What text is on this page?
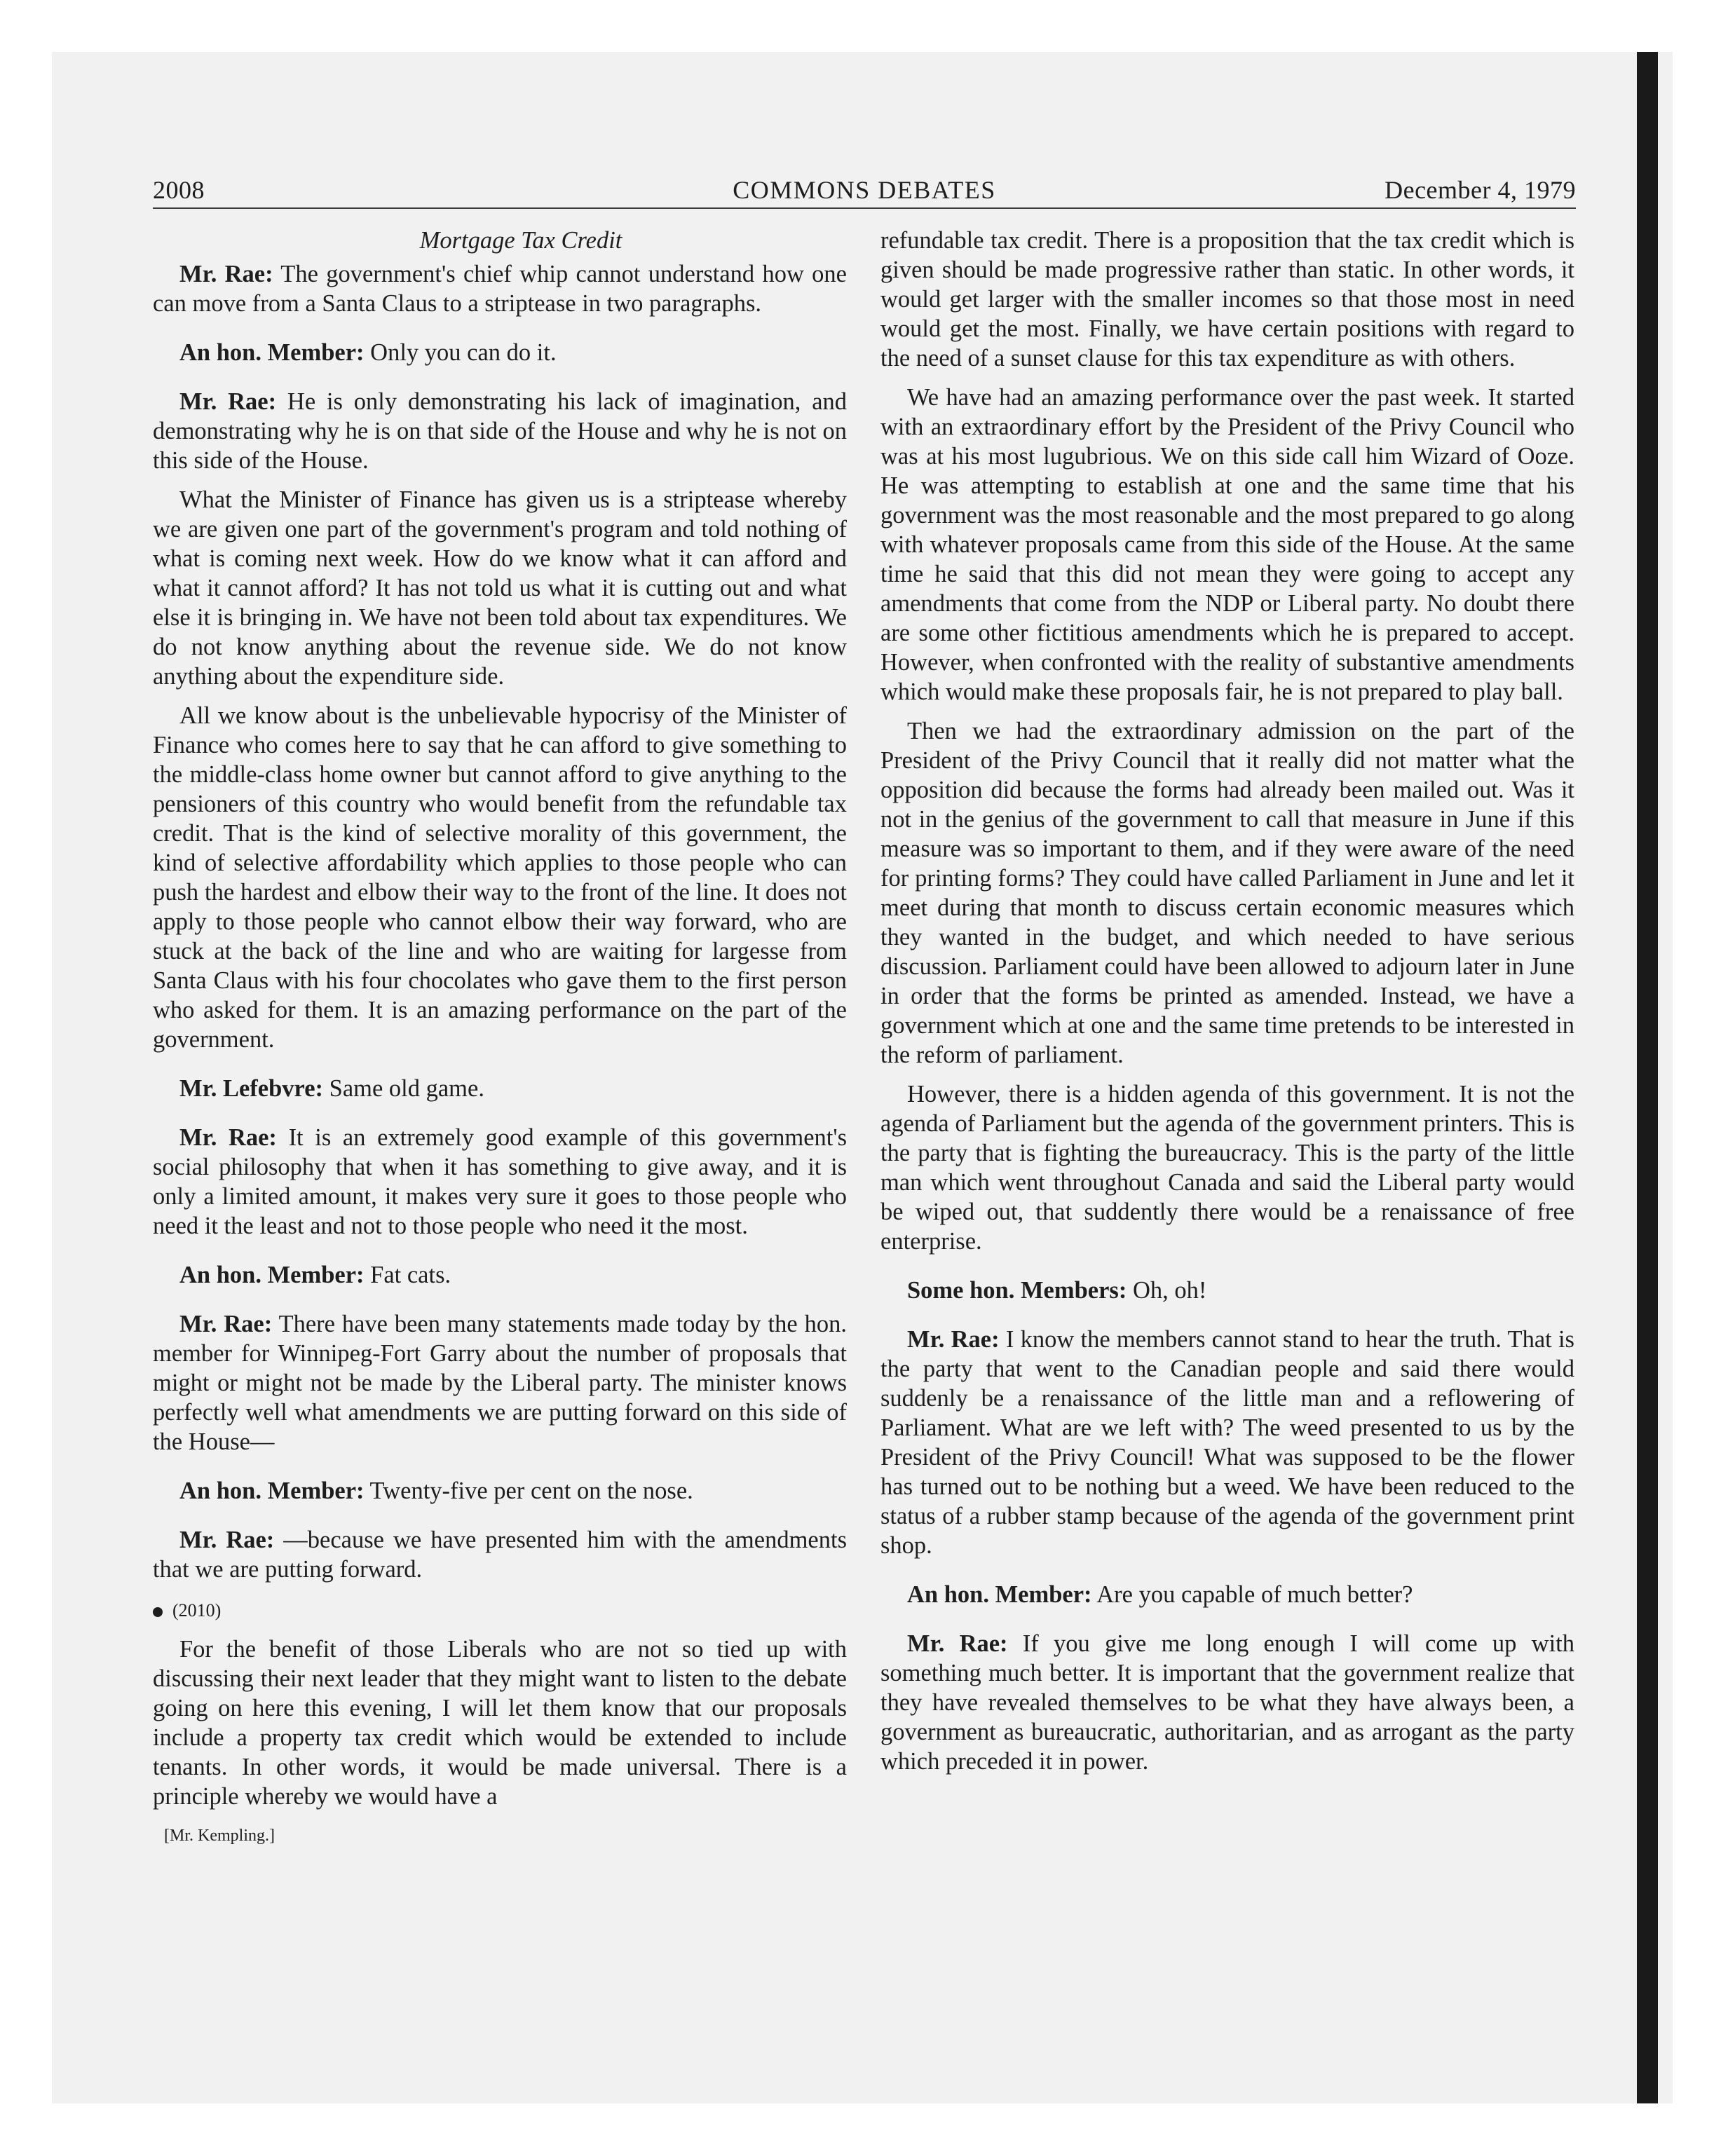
2008	COMMONS DEBATES	December 4, 1979
Mortgage Tax Credit

Mr. Rae: The government's chief whip cannot understand how one can move from a Santa Claus to a striptease in two paragraphs.

An hon. Member: Only you can do it.

Mr. Rae: He is only demonstrating his lack of imagination, and demonstrating why he is on that side of the House and why he is not on this side of the House.

What the Minister of Finance has given us is a striptease whereby we are given one part of the government's program and told nothing of what is coming next week. How do we know what it can afford and what it cannot afford? It has not told us what it is cutting out and what else it is bringing in. We have not been told about tax expenditures. We do not know anything about the revenue side. We do not know anything about the expenditure side.

All we know about is the unbelievable hypocrisy of the Minister of Finance who comes here to say that he can afford to give something to the middle-class home owner but cannot afford to give anything to the pensioners of this country who would benefit from the refundable tax credit. That is the kind of selective morality of this government, the kind of selective affordability which applies to those people who can push the hardest and elbow their way to the front of the line. It does not apply to those people who cannot elbow their way forward, who are stuck at the back of the line and who are waiting for largesse from Santa Claus with his four chocolates who gave them to the first person who asked for them. It is an amazing performance on the part of the government.

Mr. Lefebvre: Same old game.

Mr. Rae: It is an extremely good example of this government's social philosophy that when it has something to give away, and it is only a limited amount, it makes very sure it goes to those people who need it the least and not to those people who need it the most.

An hon. Member: Fat cats.

Mr. Rae: There have been many statements made today by the hon. member for Winnipeg-Fort Garry about the number of proposals that might or might not be made by the Liberal party. The minister knows perfectly well what amendments we are putting forward on this side of the House—

An hon. Member: Twenty-five per cent on the nose.

Mr. Rae: —because we have presented him with the amendments that we are putting forward.

(2010)

For the benefit of those Liberals who are not so tied up with discussing their next leader that they might want to listen to the debate going on here this evening, I will let them know that our proposals include a property tax credit which would be extended to include tenants. In other words, it would be made universal. There is a principle whereby we would have a

[Mr. Kempling.]

refundable tax credit. There is a proposition that the tax credit which is given should be made progressive rather than static. In other words, it would get larger with the smaller incomes so that those most in need would get the most. Finally, we have certain positions with regard to the need of a sunset clause for this tax expenditure as with others.

We have had an amazing performance over the past week. It started with an extraordinary effort by the President of the Privy Council who was at his most lugubrious. We on this side call him Wizard of Ooze. He was attempting to establish at one and the same time that his government was the most reasonable and the most prepared to go along with whatever proposals came from this side of the House. At the same time he said that this did not mean they were going to accept any amendments that come from the NDP or Liberal party. No doubt there are some other fictitious amendments which he is prepared to accept. However, when confronted with the reality of substantive amendments which would make these proposals fair, he is not prepared to play ball.

Then we had the extraordinary admission on the part of the President of the Privy Council that it really did not matter what the opposition did because the forms had already been mailed out. Was it not in the genius of the government to call that measure in June if this measure was so important to them, and if they were aware of the need for printing forms? They could have called Parliament in June and let it meet during that month to discuss certain economic measures which they wanted in the budget, and which needed to have serious discussion. Parliament could have been allowed to adjourn later in June in order that the forms be printed as amended. Instead, we have a government which at one and the same time pretends to be interested in the reform of parliament.

However, there is a hidden agenda of this government. It is not the agenda of Parliament but the agenda of the government printers. This is the party that is fighting the bureaucracy. This is the party of the little man which went throughout Canada and said the Liberal party would be wiped out, that suddently there would be a renaissance of free enterprise.

Some hon. Members: Oh, oh!

Mr. Rae: I know the members cannot stand to hear the truth. That is the party that went to the Canadian people and said there would suddenly be a renaissance of the little man and a reflowering of Parliament. What are we left with? The weed presented to us by the President of the Privy Council! What was supposed to be the flower has turned out to be nothing but a weed. We have been reduced to the status of a rubber stamp because of the agenda of the government print shop.

An hon. Member: Are you capable of much better?

Mr. Rae: If you give me long enough I will come up with something much better. It is important that the government realize that they have revealed themselves to be what they have always been, a government as bureaucratic, authoritarian, and as arrogant as the party which preceded it in power.
